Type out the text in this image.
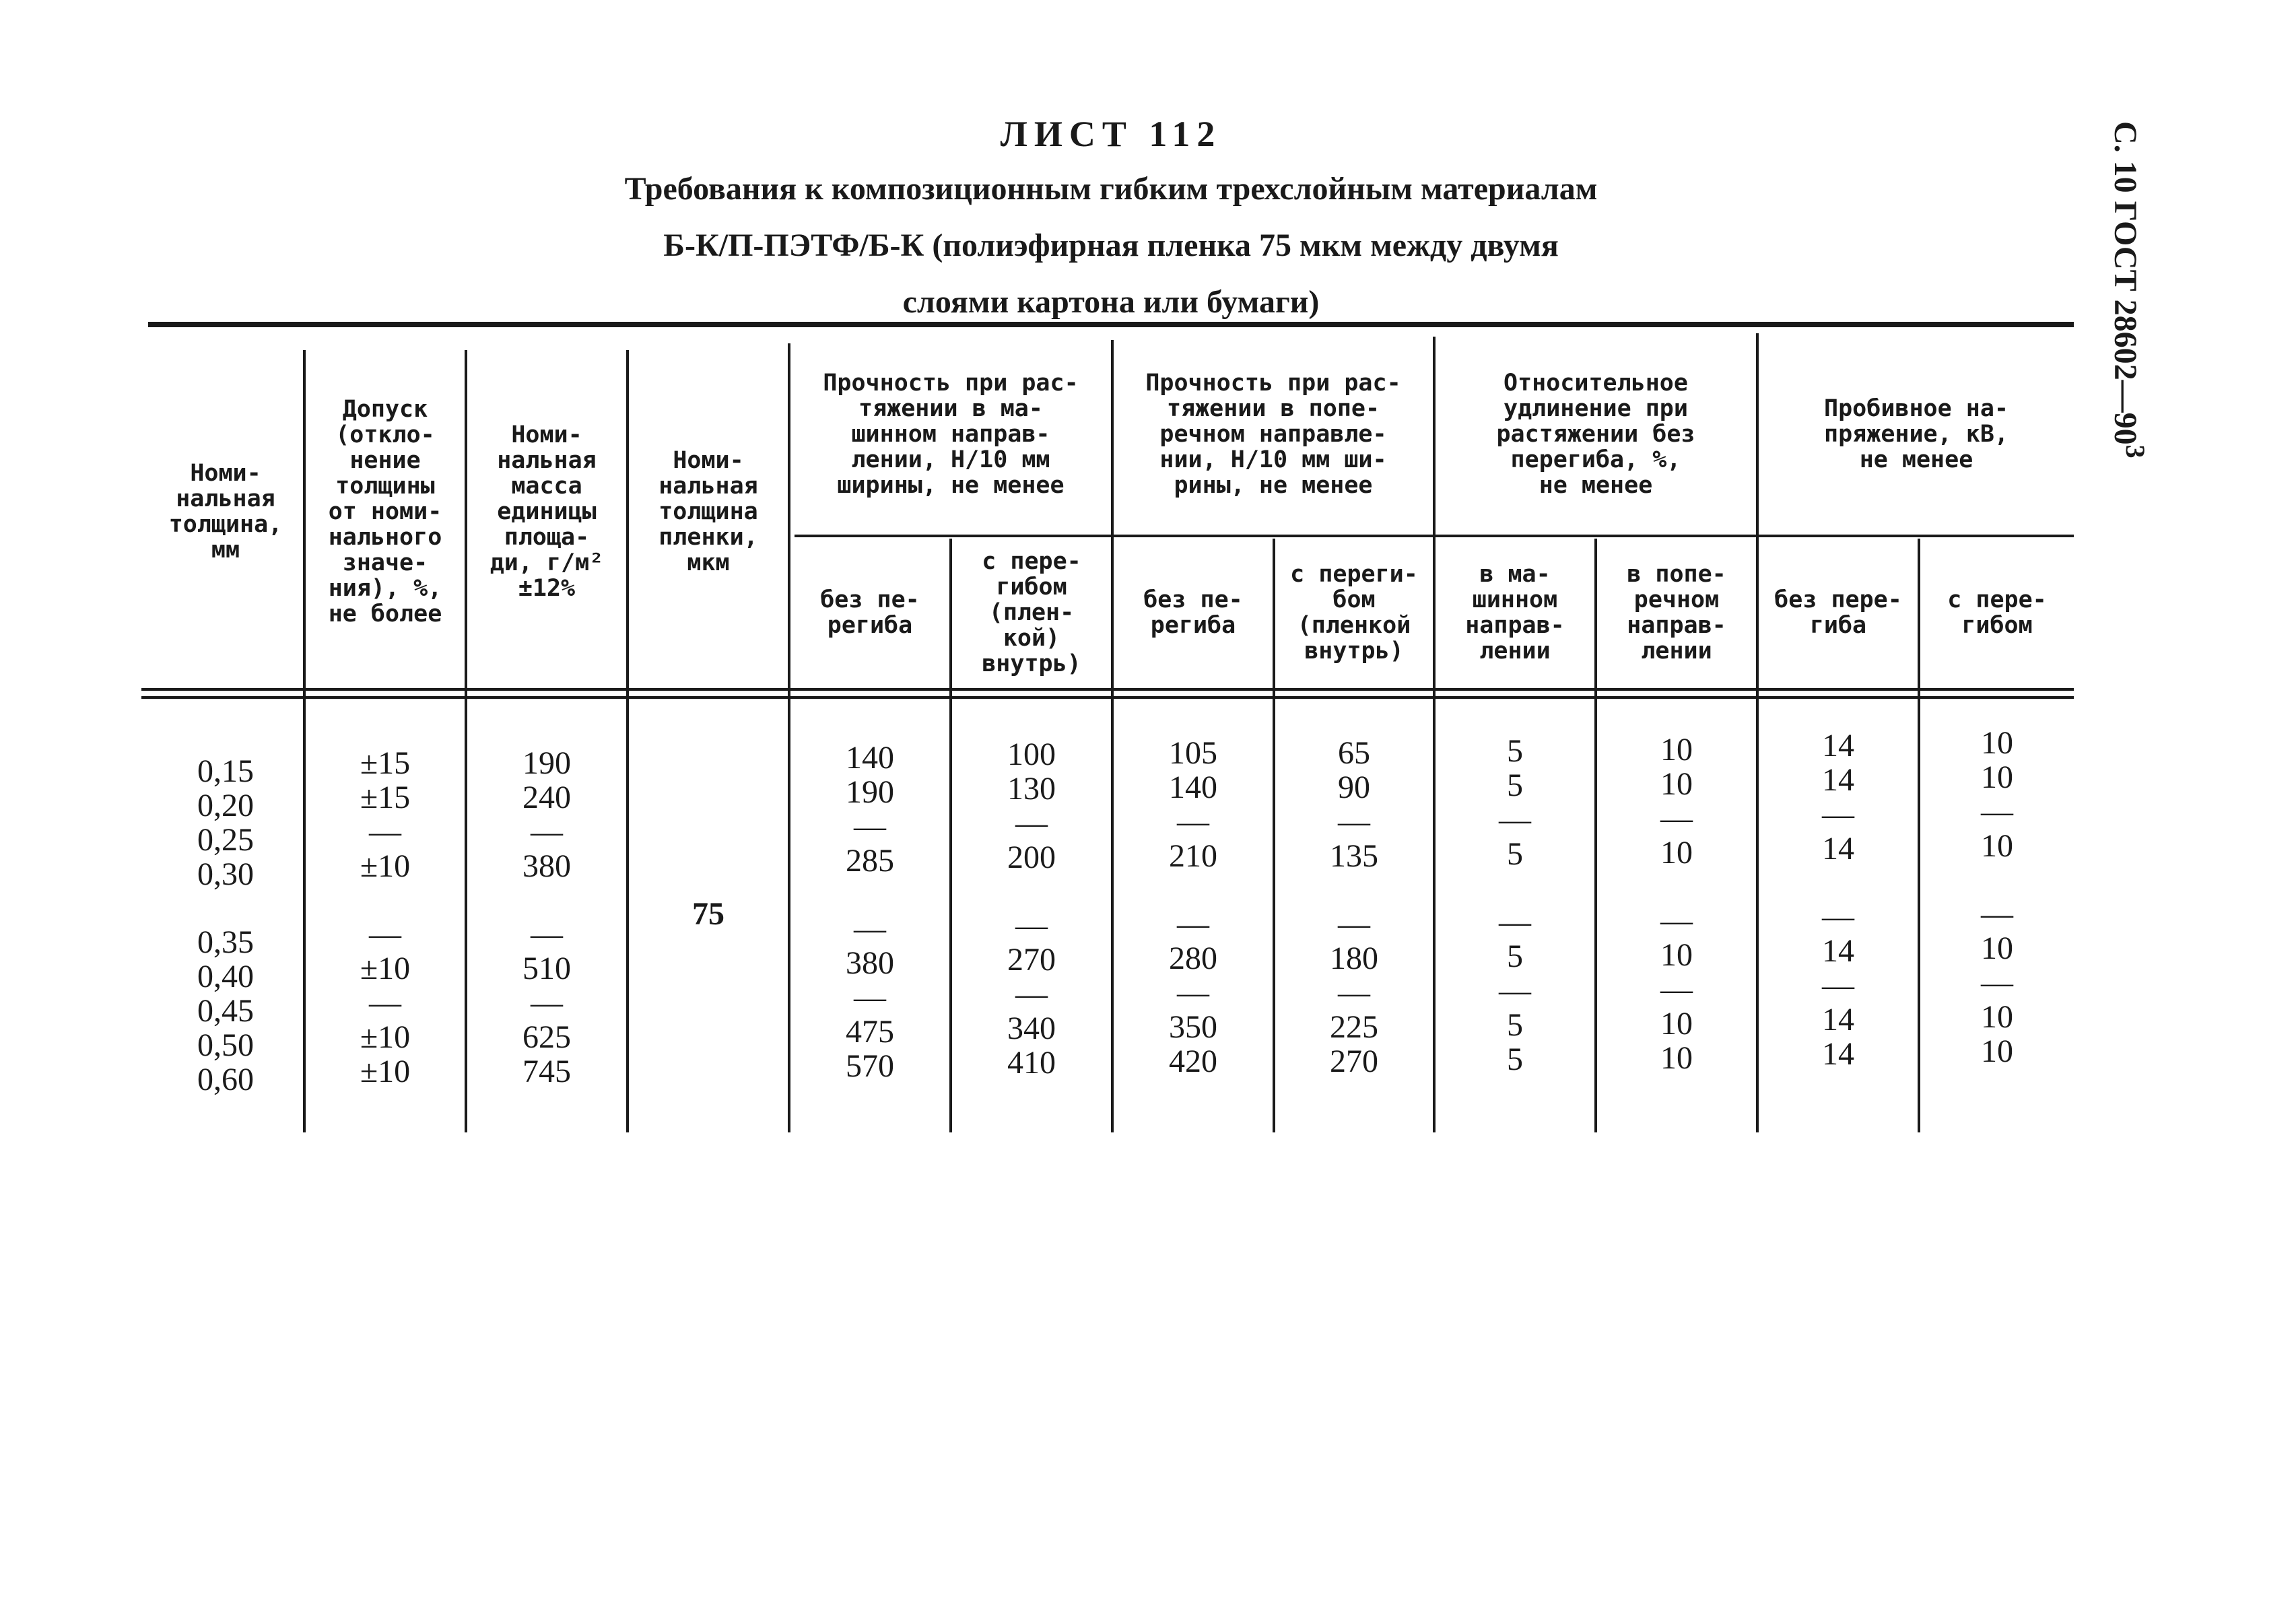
ЛИСТ 112
Требования к композиционным гибким трехслойным материалам
Б-К/П-ПЭТФ/Б-К (полиэфирная пленка 75 мкм между двумя
слоями картона или бумаги)	С. 10 ГОСТ $28602—90^3$
Номи-
нальная
толщина,
мм
Допуск
(откло-
нение
толщины
от номи-
нального
значе-
ния), %,
не более
Номи-
нальная
масса
единицы
площа-
ди, г/м²
±12%
Номи-
нальная
толщина
пленки,
мкм
Прочность при рас-
тяжении в ма-
шинном направ-
лении, Н/10 мм
ширины, не менее
Прочность при рас-
тяжении в попе-
речном направле-
нии, Н/10 мм ши-
рины, не менее
Относительное
удлинение при
растяжении без
перегиба, %,
не менее
Пробивное на-
пряжение, кВ,
не менее
без пе-
региба
с пере-
гибом
(плен-
кой)
внутрь)
без пе-
региба
с переги-
бом
(пленкой
внутрь)
в ма-
шинном
направ-
лении
в попе-
речном
направ-
лении
без пере-
гиба
с пере-
гибом
0,15
0,20
0,25
0,30
0,35
0,40
0,45
0,50
0,60
±15
±15
—
±10
—
±10
—
±10
±10
190
240
—
380
—
510
—
625
745
75
140
190
—
285
—
380
—
475
570
100
130
—
200
—
270
—
340
410
105
140
—
210
—
280
—
350
420
65
90
—
135
—
180
—
225
270
5
5
—
5
—
5
—
5
5
10
10
—
10
—
10
—
10
10
14
14
—
14
—
14
—
14
14
10
10
—
10
—
10
—
10
10
